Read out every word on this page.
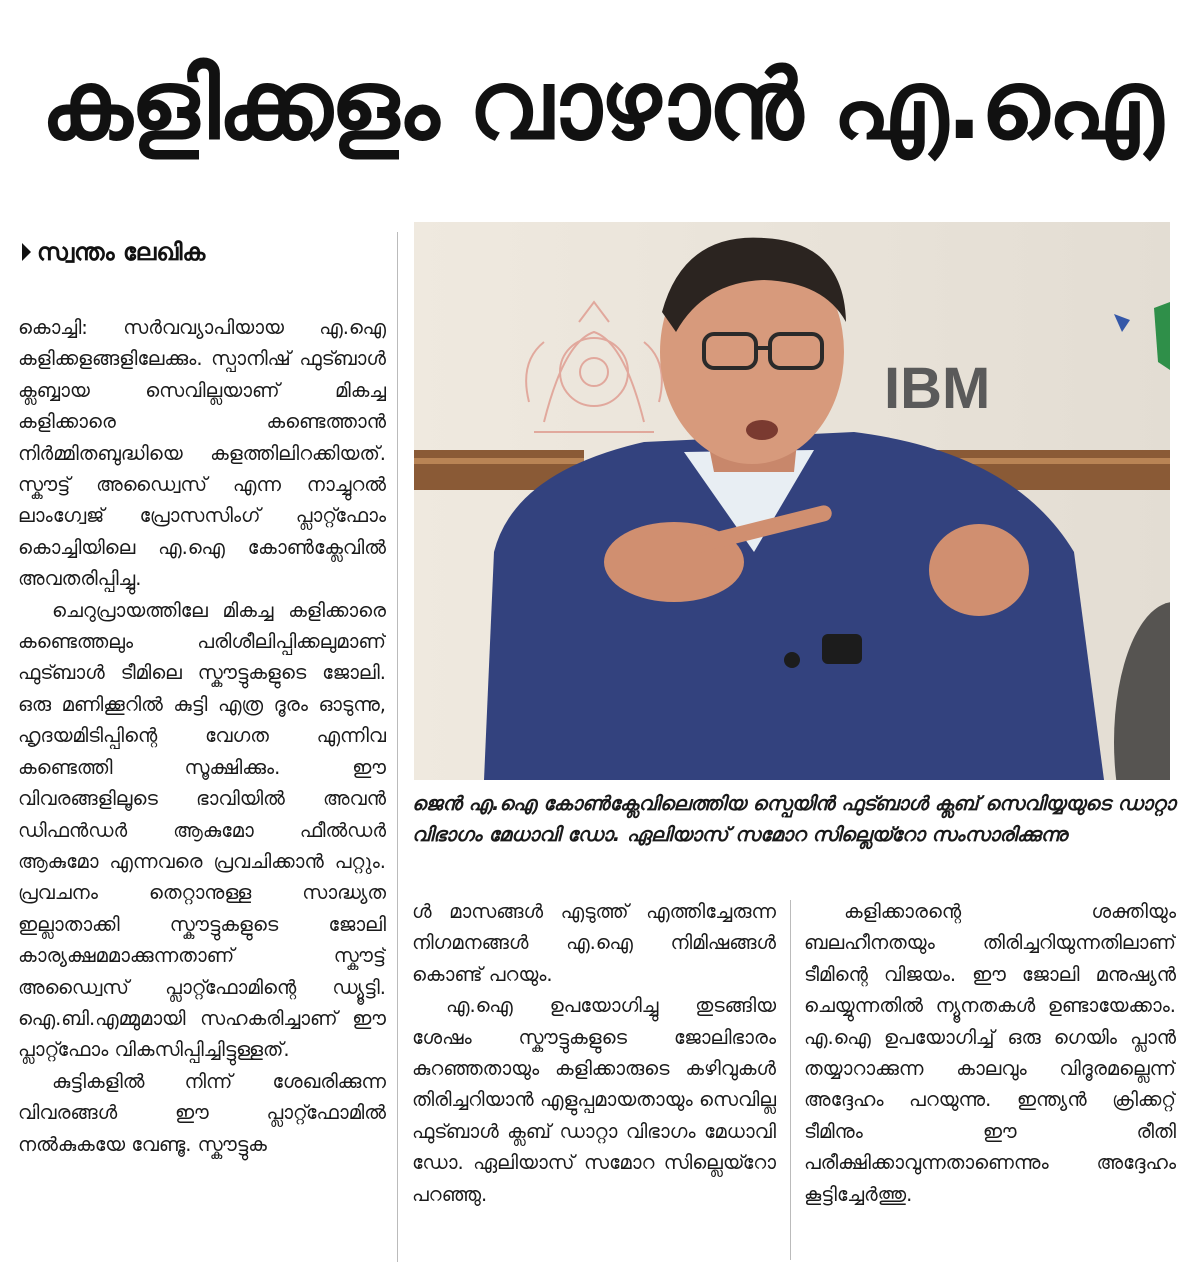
കളിക്കളം വാഴാൻ എ.ഐ
സ്വന്തം ലേഖിക

കൊച്ചി: സർവവ്യാപിയായ എ.ഐ കളിക്കളങ്ങളിലേക്കും. സ്പാനിഷ് ഫുട്ബാൾ ക്ലബ്ബായ സെവില്ലയാണ് മികച്ച കളിക്കാരെ കണ്ടെത്താൻ നിർമ്മിതബുദ്ധിയെ കളത്തിലിറക്കിയത്. സ്കൗട്ട് അഡ്വൈസ് എന്ന നാച്ചുറൽ ലാംഗ്വേജ് പ്രോസസിംഗ് പ്ലാറ്റ്ഫോം കൊച്ചിയിലെ എ.ഐ കോൺക്ലേവിൽ അവതരിപ്പിച്ചു.

ചെറുപ്രായത്തിലേ മികച്ച കളിക്കാരെ കണ്ടെത്തലും പരിശീലിപ്പിക്കലുമാണ് ഫുട്ബാൾ ടീമിലെ സ്കൗട്ടുകളുടെ ജോലി. ഒരു മണിക്കൂറിൽ കുട്ടി എത്ര ദൂരം ഓടുന്നു, ഹൃദയമിടിപ്പിന്റെ വേഗത എന്നിവ കണ്ടെത്തി സൂക്ഷിക്കും. ഈ വിവരങ്ങളിലൂടെ ഭാവിയിൽ അവൻ ഡിഫൻഡർ ആകുമോ ഫീൽഡർ ആകുമോ എന്നവരെ പ്രവചിക്കാൻ പറ്റും. പ്രവചനം തെറ്റാനുള്ള സാദ്ധ്യത ഇല്ലാതാക്കി സ്കൗട്ടുകളുടെ ജോലി കാര്യക്ഷമമാക്കുന്നതാണ് സ്കൗട്ട് അഡ്വൈസ് പ്ലാറ്റ്ഫോമിന്റെ ഡ്യൂട്ടി. ഐ.ബി.എമ്മുമായി സഹകരിച്ചാണ് ഈ പ്ലാറ്റ്ഫോം വികസിപ്പിച്ചിട്ടുള്ളത്.

കുട്ടികളിൽ നിന്ന് ശേഖരിക്കുന്ന വിവരങ്ങൾ ഈ പ്ലാറ്റ്ഫോമിൽ നൽകുകയേ വേണ്ടൂ. സ്കൗട്ടുക

IBM
ജെൻ എ.ഐ കോൺക്ലേവിലെത്തിയ സ്പെയിൻ ഫുട്ബാൾ ക്ലബ് സെവിയ്യയുടെ ഡാറ്റാ വിഭാഗം മേധാവി ഡോ. ഏലിയാസ് സമോറ സില്ലെയ്റോ സംസാരിക്കുന്നു

ൾ മാസങ്ങൾ എടുത്ത് എത്തിച്ചേരുന്ന നിഗമനങ്ങൾ എ.ഐ നിമിഷങ്ങൾ കൊണ്ട് പറയും.

എ.ഐ ഉപയോഗിച്ചു തുടങ്ങിയ ശേഷം സ്കൗട്ടുകളുടെ ജോലിഭാരം കുറഞ്ഞതായും കളിക്കാരുടെ കഴിവുകൾ തിരിച്ചറിയാൻ എളുപ്പമായതായും സെവില്ല ഫുട്ബാൾ ക്ലബ് ഡാറ്റാ വിഭാഗം മേധാവി ഡോ. ഏലിയാസ് സമോറ സില്ലെയ്റോ പറഞ്ഞു.

കളിക്കാരന്റെ ശക്തിയും ബലഹീനതയും തിരിച്ചറിയുന്നതിലാണ് ടീമിന്റെ വിജയം. ഈ ജോലി മനുഷ്യൻ ചെയ്യുന്നതിൽ ന്യൂനതകൾ ഉണ്ടായേക്കാം. എ.ഐ ഉപയോഗിച്ച് ഒരു ഗെയിം പ്ലാൻ തയ്യാറാക്കുന്ന കാലവും വിദൂരമല്ലെന്ന് അദ്ദേഹം പറയുന്നു. ഇന്ത്യൻ ക്രിക്കറ്റ് ടീമിനും ഈ രീതി പരീക്ഷിക്കാവുന്നതാണെന്നും അദ്ദേഹം കൂട്ടിച്ചേർത്തു.
